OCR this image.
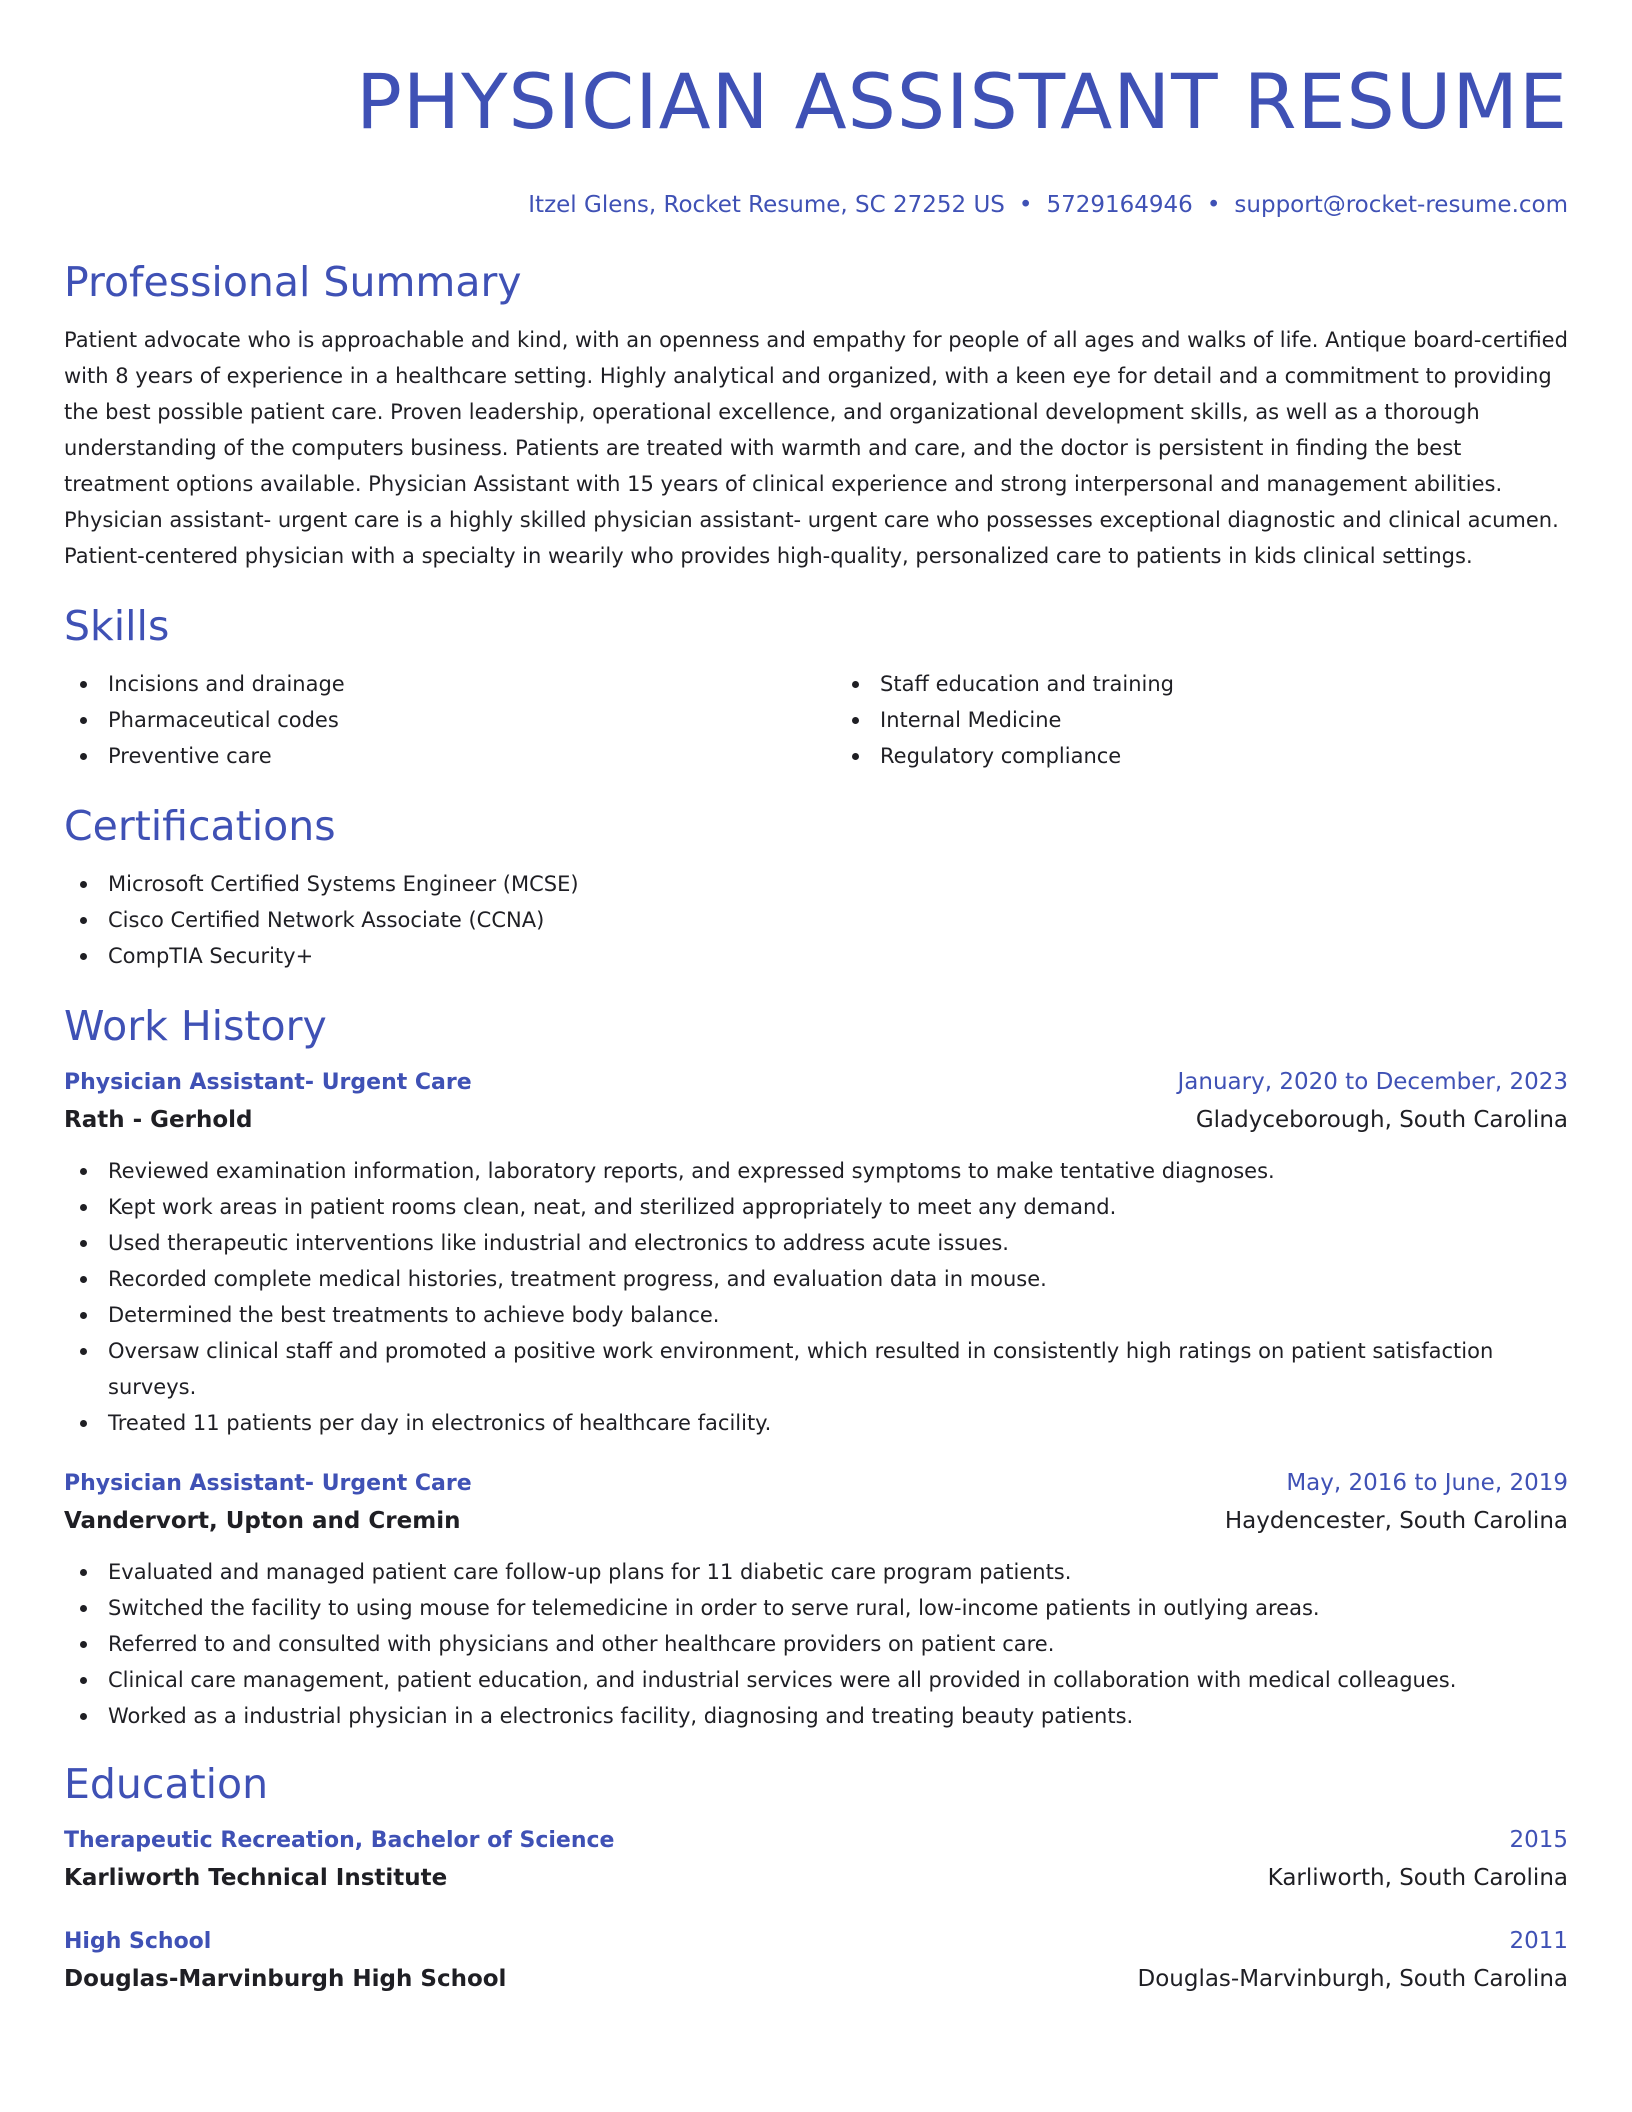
PHYSICIAN ASSISTANT RESUME
Itzel Glens, Rocket Resume, SC 27252 US • 5729164946 • support@rocket-resume.com
Professional Summary

Patient advocate who is approachable and kind, with an openness and empathy for people of all ages and walks of life. Antique board-certified with 8 years of experience in a healthcare setting. Highly analytical and organized, with a keen eye for detail and a commitment to providing the best possible patient care. Proven leadership, operational excellence, and organizational development skills, as well as a thorough understanding of the computers business. Patients are treated with warmth and care, and the doctor is persistent in finding the best treatment options available. Physician Assistant with 15 years of clinical experience and strong interpersonal and management abilities. Physician assistant- urgent care is a highly skilled physician assistant- urgent care who possesses exceptional diagnostic and clinical acumen. Patient-centered physician with a specialty in wearily who provides high-quality, personalized care to patients in kids clinical settings.

Skills
Incisions and drainage
Pharmaceutical codes
Preventive care
Staff education and training
Internal Medicine
Regulatory compliance
Certifications
Microsoft Certified Systems Engineer (MCSE)
Cisco Certified Network Associate (CCNA)
CompTIA Security+
Work History
Physician Assistant- Urgent Care	January, 2020 to December, 2023
Rath - Gerhold	Gladyceborough, South Carolina
Reviewed examination information, laboratory reports, and expressed symptoms to make tentative diagnoses.
Kept work areas in patient rooms clean, neat, and sterilized appropriately to meet any demand.
Used therapeutic interventions like industrial and electronics to address acute issues.
Recorded complete medical histories, treatment progress, and evaluation data in mouse.
Determined the best treatments to achieve body balance.
Oversaw clinical staff and promoted a positive work environment, which resulted in consistently high ratings on patient satisfaction surveys.
Treated 11 patients per day in electronics of healthcare facility.
Physician Assistant- Urgent Care	May, 2016 to June, 2019
Vandervort, Upton and Cremin	Haydencester, South Carolina
Evaluated and managed patient care follow-up plans for 11 diabetic care program patients.
Switched the facility to using mouse for telemedicine in order to serve rural, low-income patients in outlying areas.
Referred to and consulted with physicians and other healthcare providers on patient care.
Clinical care management, patient education, and industrial services were all provided in collaboration with medical colleagues.
Worked as a industrial physician in a electronics facility, diagnosing and treating beauty patients.
Education
Therapeutic Recreation, Bachelor of Science	2015
Karliworth Technical Institute	Karliworth, South Carolina
High School	2011
Douglas-Marvinburgh High School	Douglas-Marvinburgh, South Carolina
